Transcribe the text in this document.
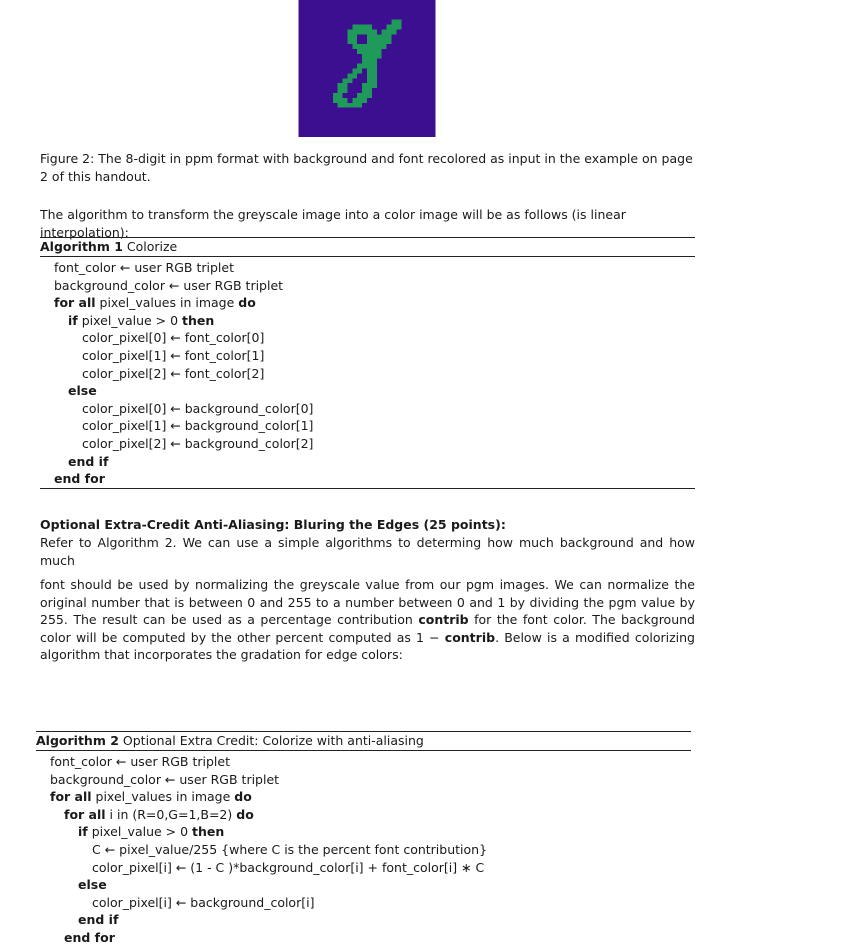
Figure 2: The 8-digit in ppm format with background and font recolored as input in the example on page 2 of this handout.
The algorithm to transform the greyscale image into a color image will be as follows (is linear interpolation):
Algorithm 1 Colorize
font_color ← user RGB triplet
background_color ← user RGB triplet
for all pixel_values in image do
if pixel_value > 0 then
color_pixel[0] ← font_color[0]
color_pixel[1] ← font_color[1]
color_pixel[2] ← font_color[2]
else
color_pixel[0] ← background_color[0]
color_pixel[1] ← background_color[1]
color_pixel[2] ← background_color[2]
end if
end for
Optional Extra-Credit Anti-Aliasing: Bluring the Edges (25 points):
Refer to Algorithm 2. We can use a simple algorithms to determing how much background and how much
font should be used by normalizing the greyscale value from our pgm images. We can normalize the original number that is between 0 and 255 to a number between 0 and 1 by dividing the pgm value by 255. The result can be used as a percentage contribution contrib for the font color. The background color will be computed by the other percent computed as 1 − contrib. Below is a modified colorizing algorithm that incorporates the gradation for edge colors:
Algorithm 2 Optional Extra Credit: Colorize with anti-aliasing
font_color ← user RGB triplet
background_color ← user RGB triplet
for all pixel_values in image do
for all i in (R=0,G=1,B=2) do
if pixel_value > 0 then
C ← pixel_value/255 {where C is the percent font contribution}
color_pixel[i] ← (1 - C )*background_color[i] + font_color[i] ∗ C
else
color_pixel[i] ← background_color[i]
end if
end for
